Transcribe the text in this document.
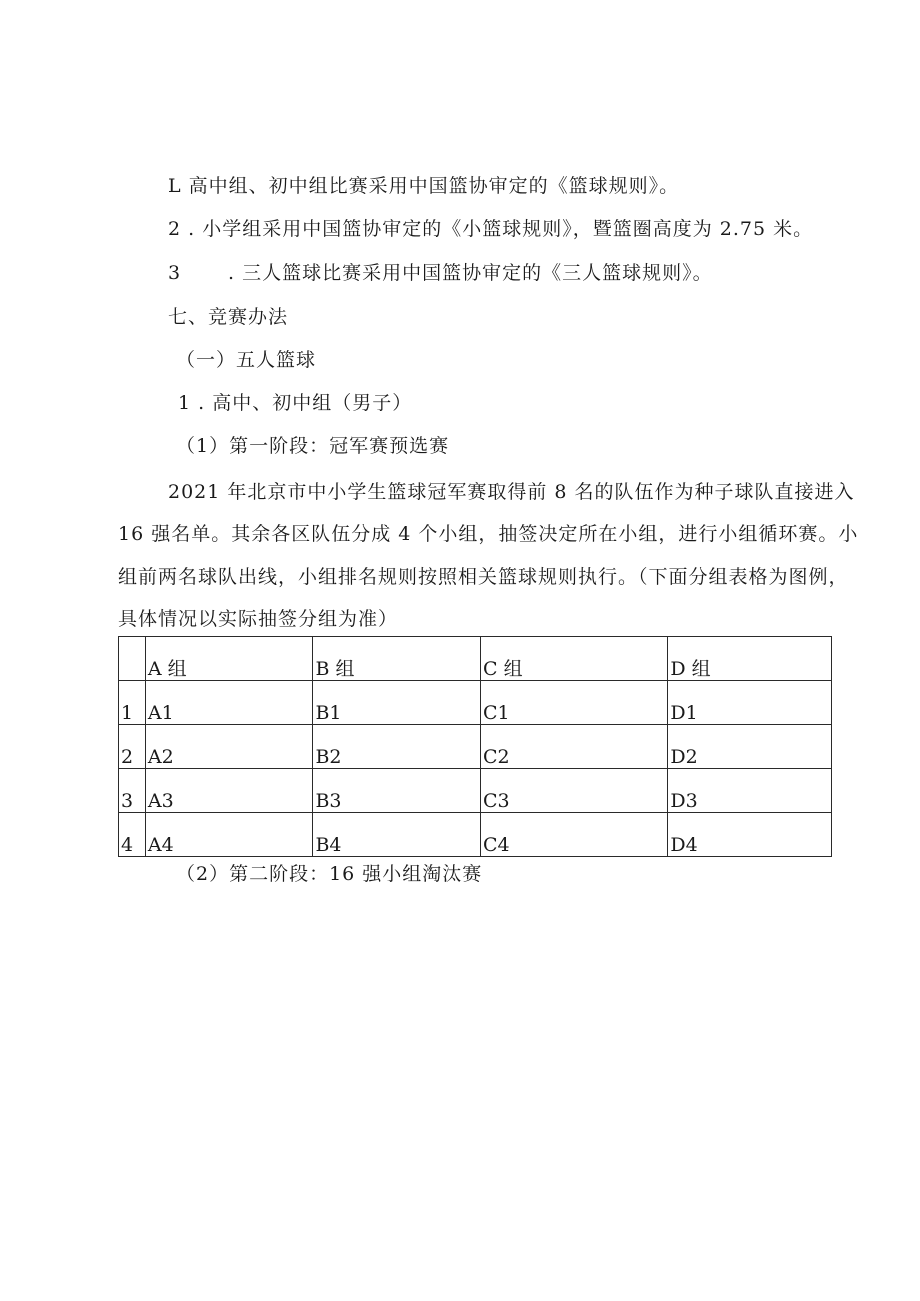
L 高中组、初中组比赛采用中国篮协审定的《篮球规则》。
2 . 小学组采用中国篮协审定的《小篮球规则》，暨篮圈高度为 2.75 米。
3 . 三人篮球比赛采用中国篮协审定的《三人篮球规则》。
七、竞赛办法
（一）五人篮球
1 . 高中、初中组（男子）
（1）第一阶段：冠军赛预选赛
2021 年北京市中小学生篮球冠军赛取得前 8 名的队伍作为种子球队直接进入
16 强名单。其余各区队伍分成 4 个小组，抽签决定所在小组，进行小组循环赛。小
组前两名球队出线，小组排名规则按照相关篮球规则执行。（下面分组表格为图例，
具体情况以实际抽签分组为准）
	A 组	B 组	C 组	D 组
1	A1	B1	C1	D1
2	A2	B2	C2	D2
3	A3	B3	C3	D3
4	A4	B4	C4	D4
（2）第二阶段：16 强小组淘汰赛
